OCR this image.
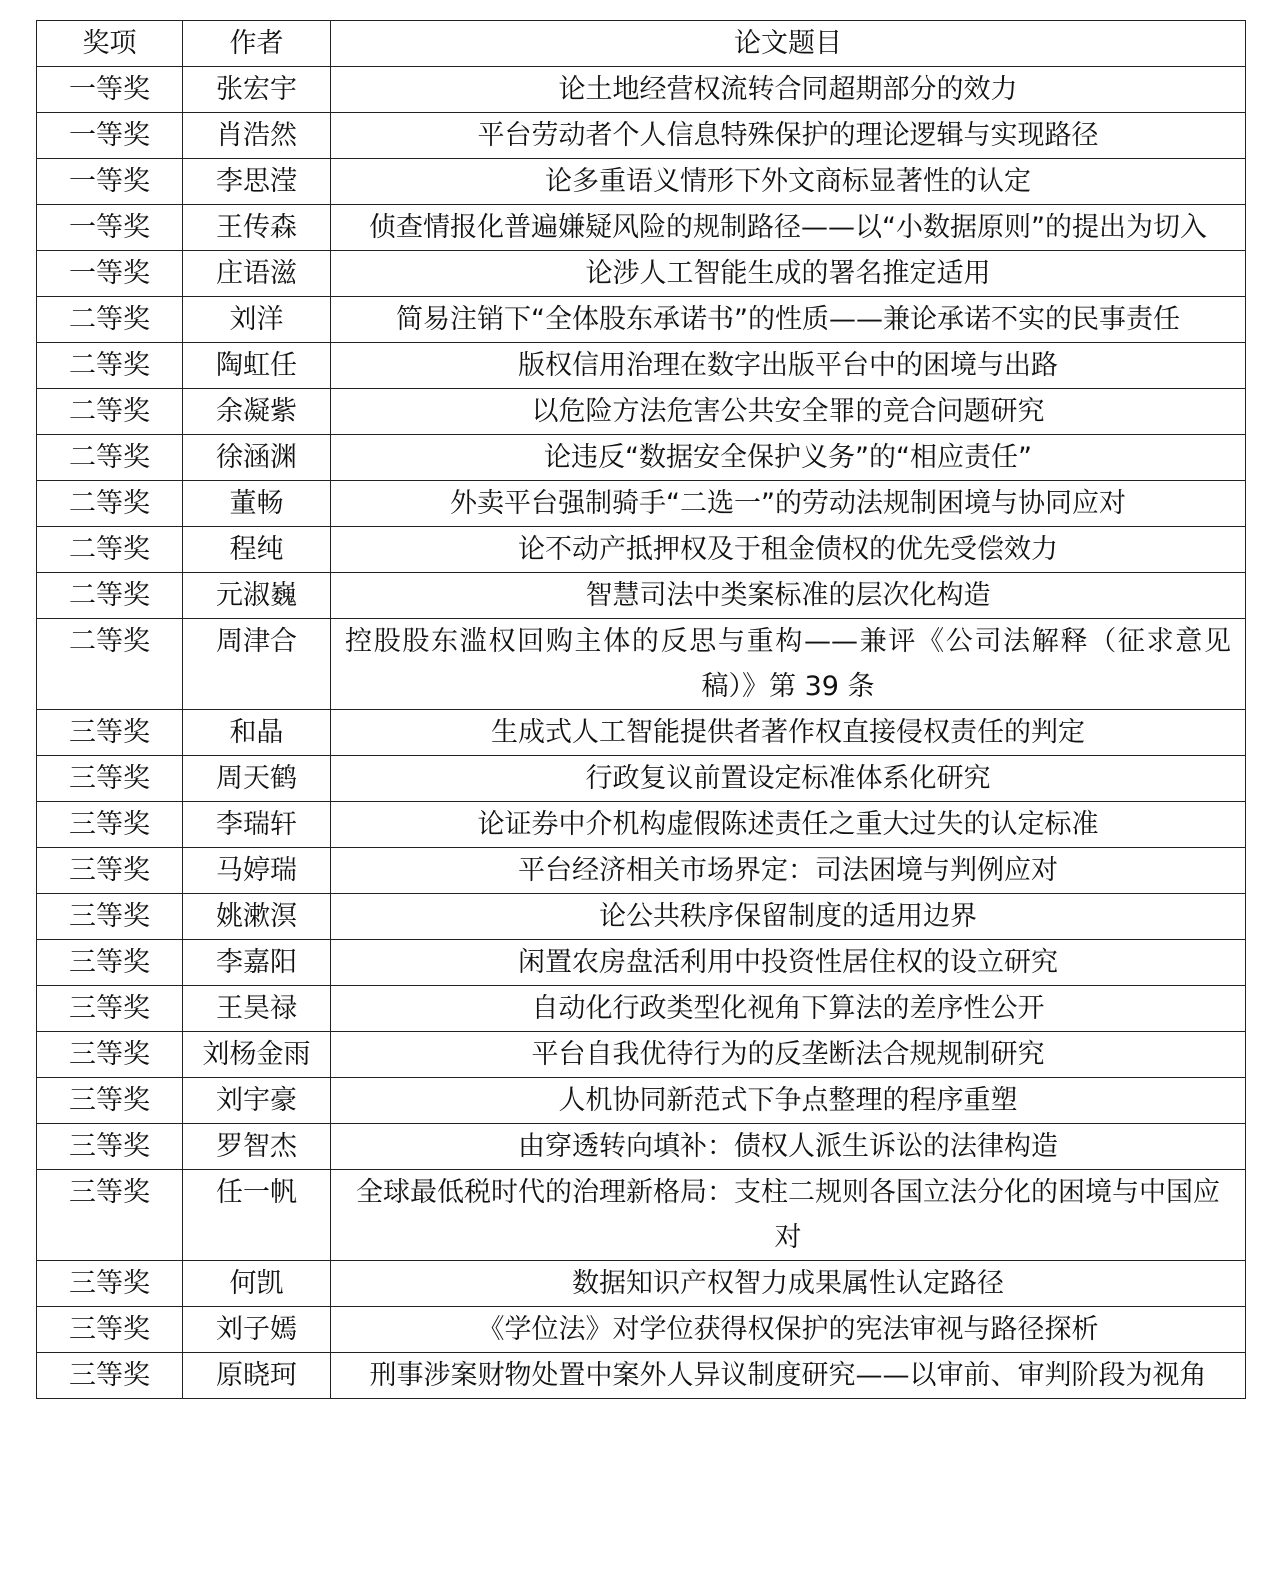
奖项	作者	论文题目
一等奖	张宏宇	论土地经营权流转合同超期部分的效力
一等奖	肖浩然	平台劳动者个人信息特殊保护的理论逻辑与实现路径
一等奖	李思滢	论多重语义情形下外文商标显著性的认定
一等奖	王传森	侦查情报化普遍嫌疑风险的规制路径——以“小数据原则”的提出为切入
一等奖	庄语滋	论涉人工智能生成的署名推定适用
二等奖	刘洋	简易注销下“全体股东承诺书”的性质——兼论承诺不实的民事责任
二等奖	陶虹任	版权信用治理在数字出版平台中的困境与出路
二等奖	余凝紫	以危险方法危害公共安全罪的竞合问题研究
二等奖	徐涵渊	论违反“数据安全保护义务”的“相应责任”
二等奖	董畅	外卖平台强制骑手“二选一”的劳动法规制困境与协同应对
二等奖	程纯	论不动产抵押权及于租金债权的优先受偿效力
二等奖	元淑巍	智慧司法中类案标准的层次化构造
二等奖	周津合	控股股东滥权回购主体的反思与重构——兼评《公司法解释（征求意见稿）》第 39 条
三等奖	和晶	生成式人工智能提供者著作权直接侵权责任的判定
三等奖	周天鹤	行政复议前置设定标准体系化研究
三等奖	李瑞轩	论证券中介机构虚假陈述责任之重大过失的认定标准
三等奖	马婷瑞	平台经济相关市场界定：司法困境与判例应对
三等奖	姚漱溟	论公共秩序保留制度的适用边界
三等奖	李嘉阳	闲置农房盘活利用中投资性居住权的设立研究
三等奖	王昊禄	自动化行政类型化视角下算法的差序性公开
三等奖	刘杨金雨	平台自我优待行为的反垄断法合规规制研究
三等奖	刘宇豪	人机协同新范式下争点整理的程序重塑
三等奖	罗智杰	由穿透转向填补：债权人派生诉讼的法律构造
三等奖	任一帆	全球最低税时代的治理新格局：支柱二规则各国立法分化的困境与中国应对
三等奖	何凯	数据知识产权智力成果属性认定路径
三等奖	刘子嫣	《学位法》对学位获得权保护的宪法审视与路径探析
三等奖	原晓珂	刑事涉案财物处置中案外人异议制度研究——以审前、审判阶段为视角
